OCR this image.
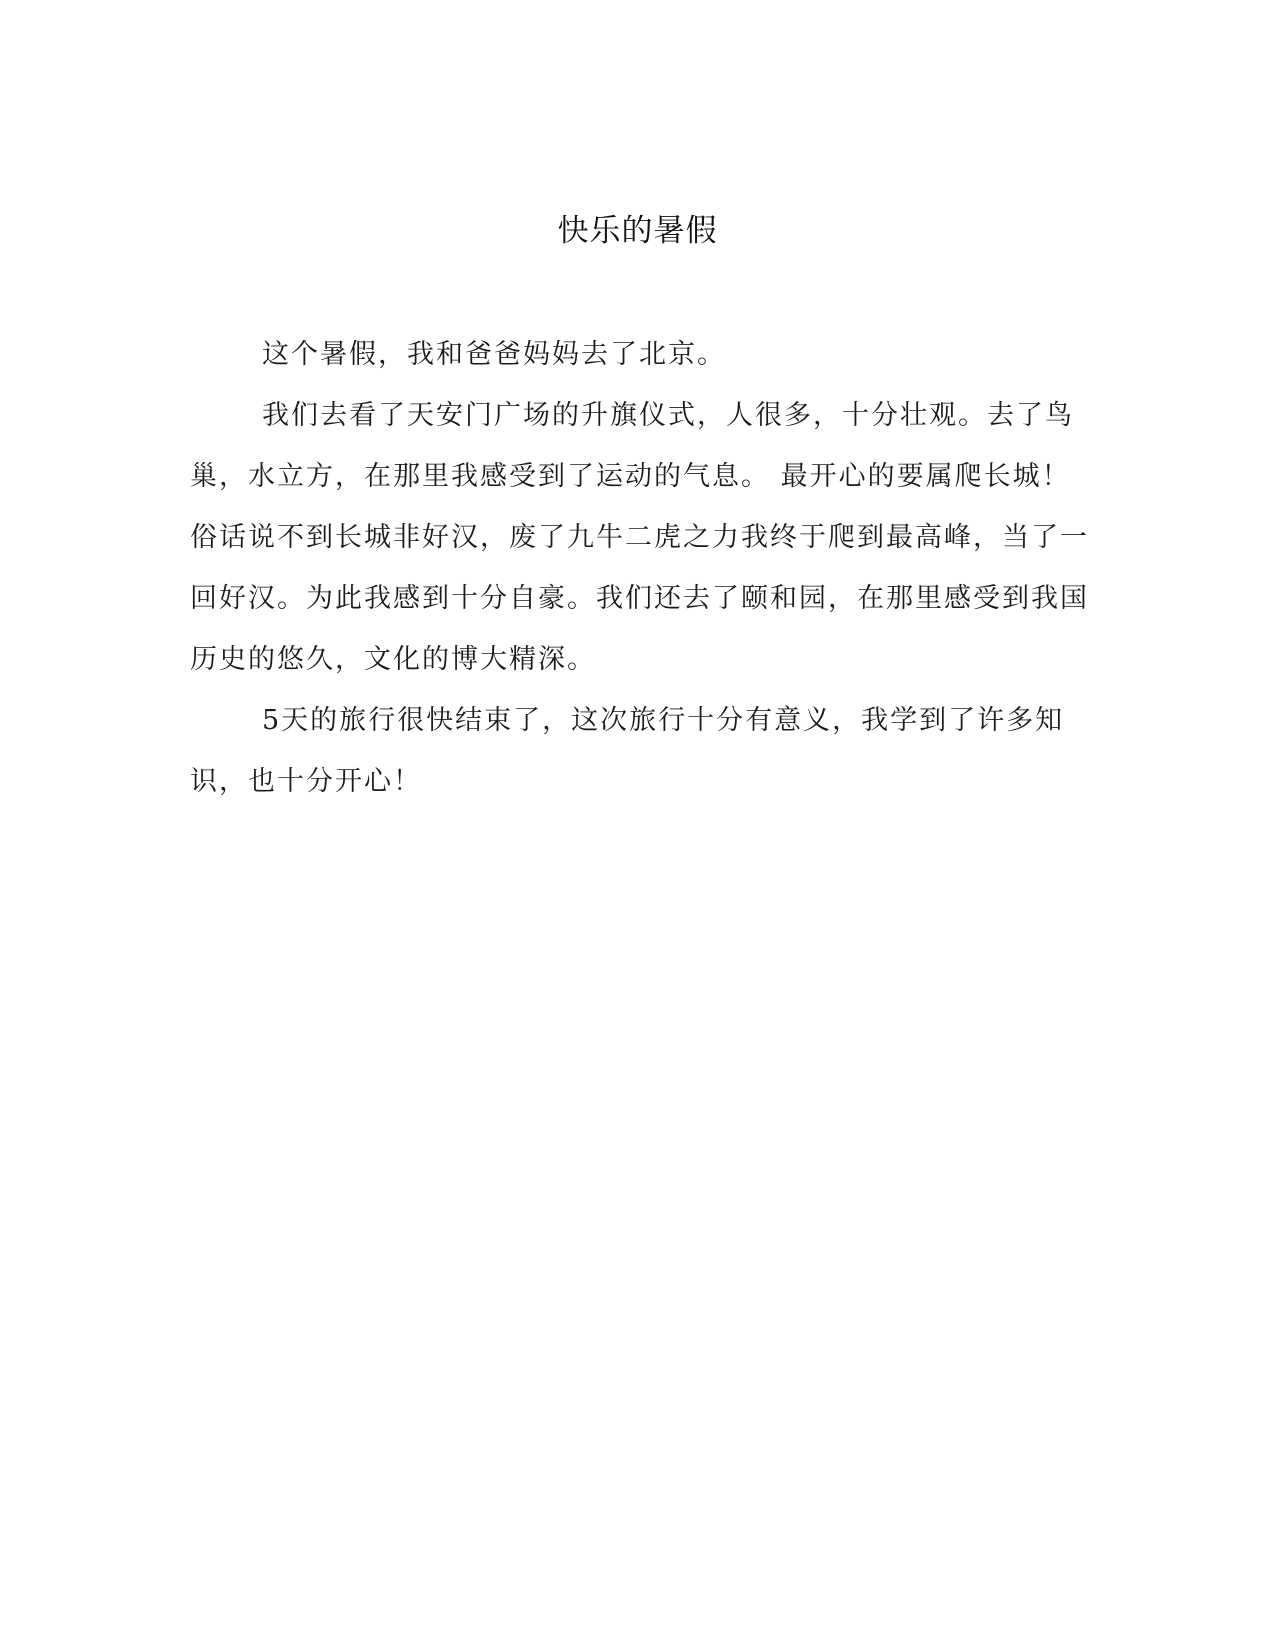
快乐的暑假

这个暑假，我和爸爸妈妈去了北京。

我们去看了天安门广场的升旗仪式，人很多，十分壮观。去了鸟巢，水立方，在那里我感受到了运动的气息。 最开心的要属爬长城！俗话说不到长城非好汉，废了九牛二虎之力我终于爬到最高峰，当了一回好汉。为此我感到十分自豪。我们还去了颐和园，在那里感受到我国历史的悠久，文化的博大精深。

5天的旅行很快结束了，这次旅行十分有意义，我学到了许多知识，也十分开心！
